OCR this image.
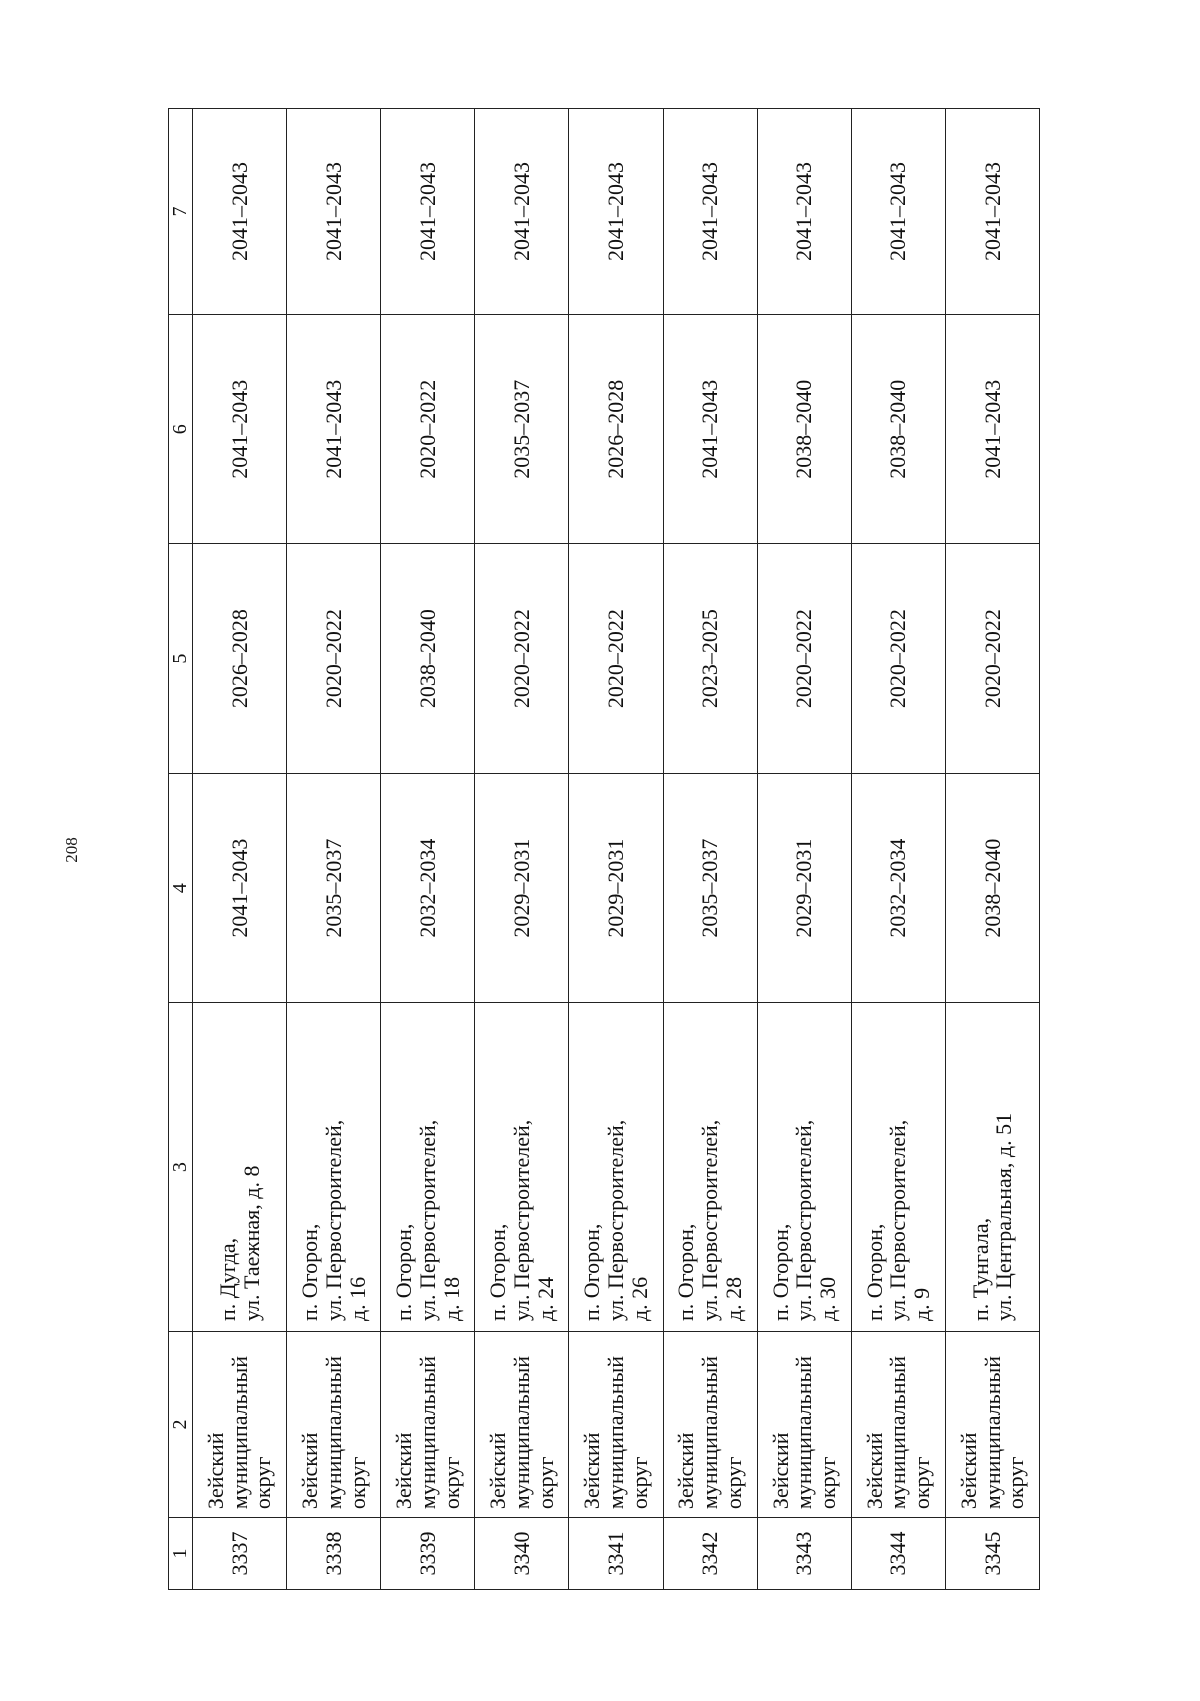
208
1	2	3	4	5	6	7
3337	Зейский
муниципальный
округ	п. Дугда,
ул. Таежная, д. 8	2041–2043	2026–2028	2041–2043	2041–2043
3338	Зейский
муниципальный
округ	п. Огорон,
ул. Первостроителей,
д. 16	2035–2037	2020–2022	2041–2043	2041–2043
3339	Зейский
муниципальный
округ	п. Огорон,
ул. Первостроителей,
д. 18	2032–2034	2038–2040	2020–2022	2041–2043
3340	Зейский
муниципальный
округ	п. Огорон,
ул. Первостроителей,
д. 24	2029–2031	2020–2022	2035–2037	2041–2043
3341	Зейский
муниципальный
округ	п. Огорон,
ул. Первостроителей,
д. 26	2029–2031	2020–2022	2026–2028	2041–2043
3342	Зейский
муниципальный
округ	п. Огорон,
ул. Первостроителей,
д. 28	2035–2037	2023–2025	2041–2043	2041–2043
3343	Зейский
муниципальный
округ	п. Огорон,
ул. Первостроителей,
д. 30	2029–2031	2020–2022	2038–2040	2041–2043
3344	Зейский
муниципальный
округ	п. Огорон,
ул. Первостроителей,
д. 9	2032–2034	2020–2022	2038–2040	2041–2043
3345	Зейский
муниципальный
округ	п. Тунгала,
ул. Центральная, д. 51	2038–2040	2020–2022	2041–2043	2041–2043
